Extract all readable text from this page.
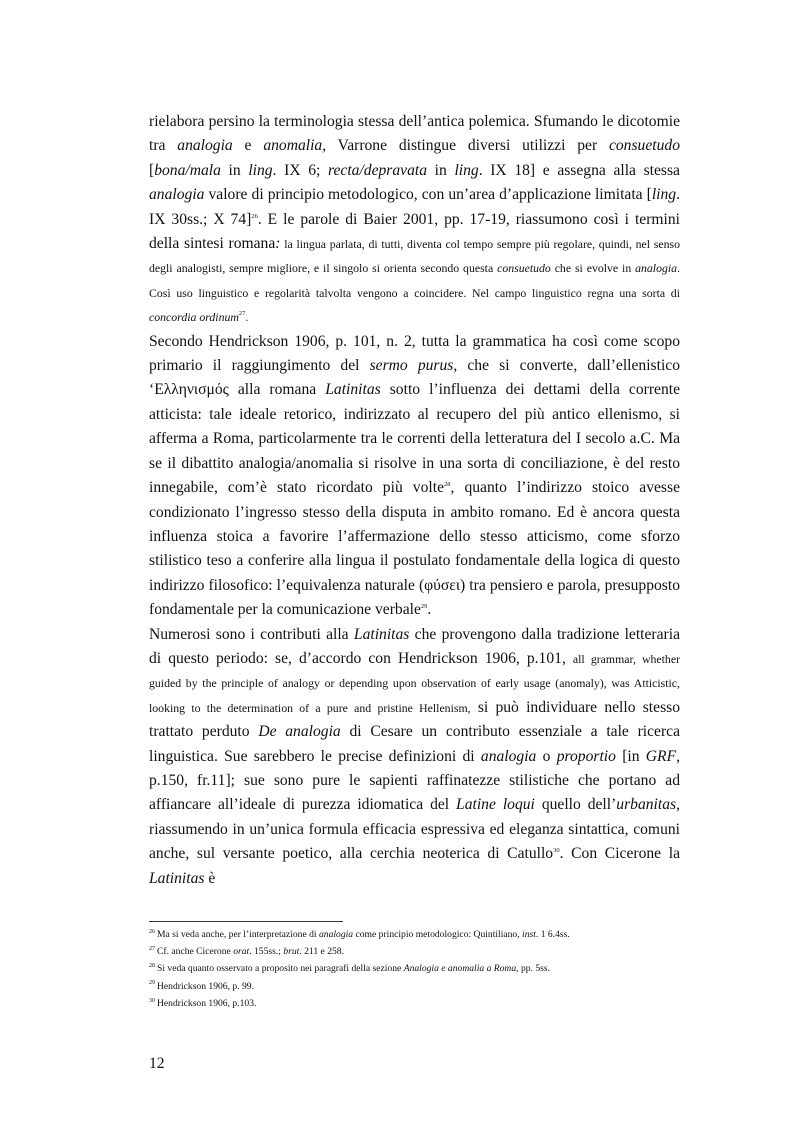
rielabora persino la terminologia stessa dell’antica polemica. Sfumando le dicotomie tra analogia e anomalia, Varrone distingue diversi utilizzi per consuetudo [bona/mala in ling. IX 6; recta/depravata in ling. IX 18] e assegna alla stessa analogia valore di principio metodologico, con un’area d’applicazione limitata [ling. IX 30ss.; X 74]$^{26}$. E le parole di Baier 2001, pp. 17-19, riassumono così i termini della sintesi romana: la lingua parlata, di tutti, diventa col tempo sempre più regolare, quindi, nel senso degli analogisti, sempre migliore, e il singolo si orienta secondo questa consuetudo che si evolve in analogia. Così uso linguistico e regolarità talvolta vengono a coincidere. Nel campo linguistico regna una sorta di concordia ordinum$^{27}$.

Secondo Hendrickson 1906, p. 101, n. 2, tutta la grammatica ha così come scopo primario il raggiungimento del sermo purus, che si converte, dall’ellenistico ‘Ελληνισμός alla romana Latinitas sotto l’influenza dei dettami della corrente atticista: tale ideale retorico, indirizzato al recupero del più antico ellenismo, si afferma a Roma, particolarmente tra le correnti della letteratura del I secolo a.C. Ma se il dibattito analogia/anomalia si risolve in una sorta di conciliazione, è del resto innegabile, com’è stato ricordato più volte$^{28}$, quanto l’indirizzo stoico avesse condizionato l’ingresso stesso della disputa in ambito romano. Ed è ancora questa influenza stoica a favorire l’affermazione dello stesso atticismo, come sforzo stilistico teso a conferire alla lingua il postulato fondamentale della logica di questo indirizzo filosofico: l’equivalenza naturale (φύσει) tra pensiero e parola, presupposto fondamentale per la comunicazione verbale$^{29}$.

Numerosi sono i contributi alla Latinitas che provengono dalla tradizione letteraria di questo periodo: se, d’accordo con Hendrickson 1906, p.101, all grammar, whether guided by the principle of analogy or depending upon observation of early usage (anomaly), was Atticistic, looking to the determination of a pure and pristine Hellenism, si può individuare nello stesso trattato perduto De analogia di Cesare un contributo essenziale a tale ricerca linguistica. Sue sarebbero le precise definizioni di analogia o proportio [in GRF, p.150, fr.11]; sue sono pure le sapienti raffinatezze stilistiche che portano ad affiancare all’ideale di purezza idiomatica del Latine loqui quello dell’urbanitas, riassumendo in un’unica formula efficacia espressiva ed eleganza sintattica, comuni anche, sul versante poetico, alla cerchia neoterica di Catullo$^{30}$. Con Cicerone la Latinitas è

$^{26}$ Ma si veda anche, per l’interpretazione di analogia come principio metodologico: Quintiliano, inst. 1 6.4ss.

$^{27}$ Cf. anche Cicerone orat. 155ss.; brut. 211 e 258.

$^{28}$ Si veda quanto osservato a proposito nei paragrafi della sezione Analogia e anomalia a Roma, pp. 5ss.

$^{29}$ Hendrickson 1906, p. 99.

$^{30}$ Hendrickson 1906, p.103.

12
